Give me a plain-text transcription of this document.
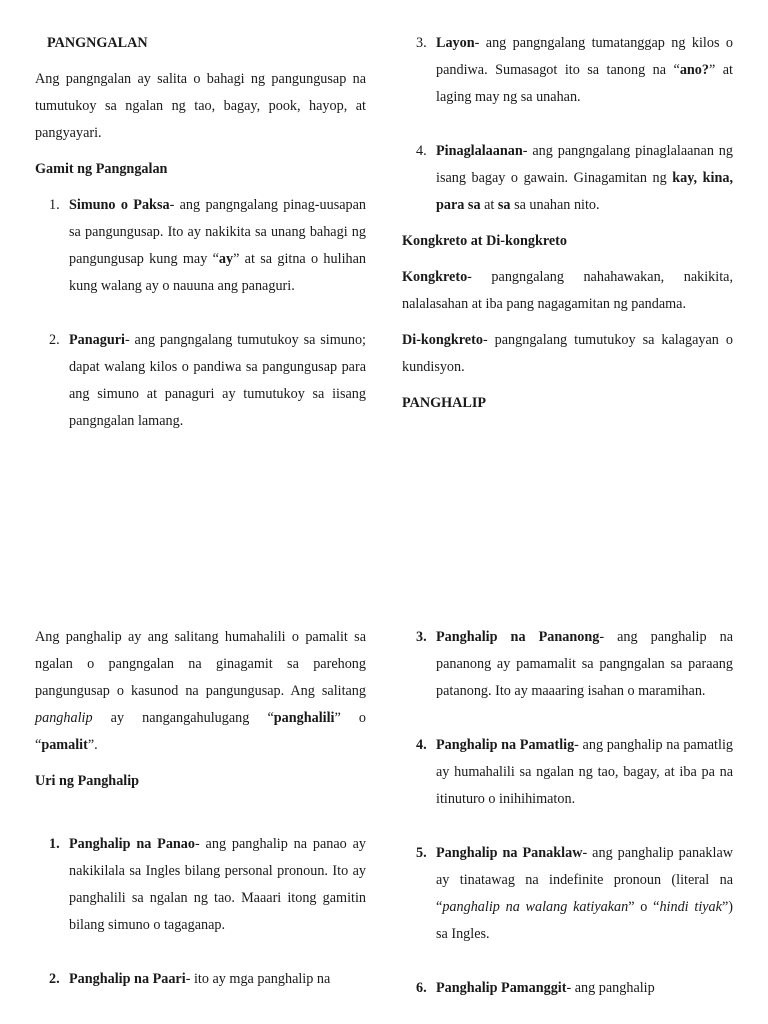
PANGNGALAN

Ang pangngalan ay salita o bahagi ng pangungusap na tumutukoy sa ngalan ng tao, bagay, pook, hayop, at pangyayari.

Gamit ng Pangngalan
1. Simuno o Paksa- ang pangngalang pinag-uusapan sa pangungusap. Ito ay nakikita sa unang bahagi ng pangungusap kung may “ay” at sa gitna o hulihan kung walang ay o nauuna ang panaguri.
2. Panaguri- ang pangngalang tumutukoy sa simuno; dapat walang kilos o pandiwa sa pangungusap para ang simuno at panaguri ay tumutukoy sa iisang pangngalan lamang.
3. Layon- ang pangngalang tumatanggap ng kilos o pandiwa. Sumasagot ito sa tanong na “ano?” at laging may ng sa unahan.
4. Pinaglalaanan- ang pangngalang pinaglalaanan ng isang bagay o gawain. Ginagamitan ng kay, kina, para sa at sa sa unahan nito.
Kongkreto at Di-kongkreto

Kongkreto- pangngalang nahahawakan, nakikita, nalalasahan at iba pang nagagamitan ng pandama.

Di-kongkreto- pangngalang tumutukoy sa kalagayan o kundisyon.

PANGHALIP

Ang panghalip ay ang salitang humahalili o pamalit sa ngalan o pangngalan na ginagamit sa parehong pangungusap o kasunod na pangungusap. Ang salitang panghalip ay nangangahulugang “panghalili” o “pamalit”.

Uri ng Panghalip
1. Panghalip na Panao- ang panghalip na panao ay nakikilala sa Ingles bilang personal pronoun. Ito ay panghalili sa ngalan ng tao. Maaari itong gamitin bilang simuno o tagaganap.
2. Panghalip na Paari- ito ay mga panghalip na
3. Panghalip na Pananong- ang panghalip na pananong ay pamamalit sa pangngalan sa paraang patanong. Ito ay maaaring isahan o maramihan.
4. Panghalip na Pamatlig- ang panghalip na pamatlig ay humahalili sa ngalan ng tao, bagay, at iba pa na itinuturo o inihihimaton.
5. Panghalip na Panaklaw- ang panghalip panaklaw ay tinatawag na indefinite pronoun (literal na “panghalip na walang katiyakan” o “hindi tiyak”) sa Ingles.
6. Panghalip Pamanggit- ang panghalip
